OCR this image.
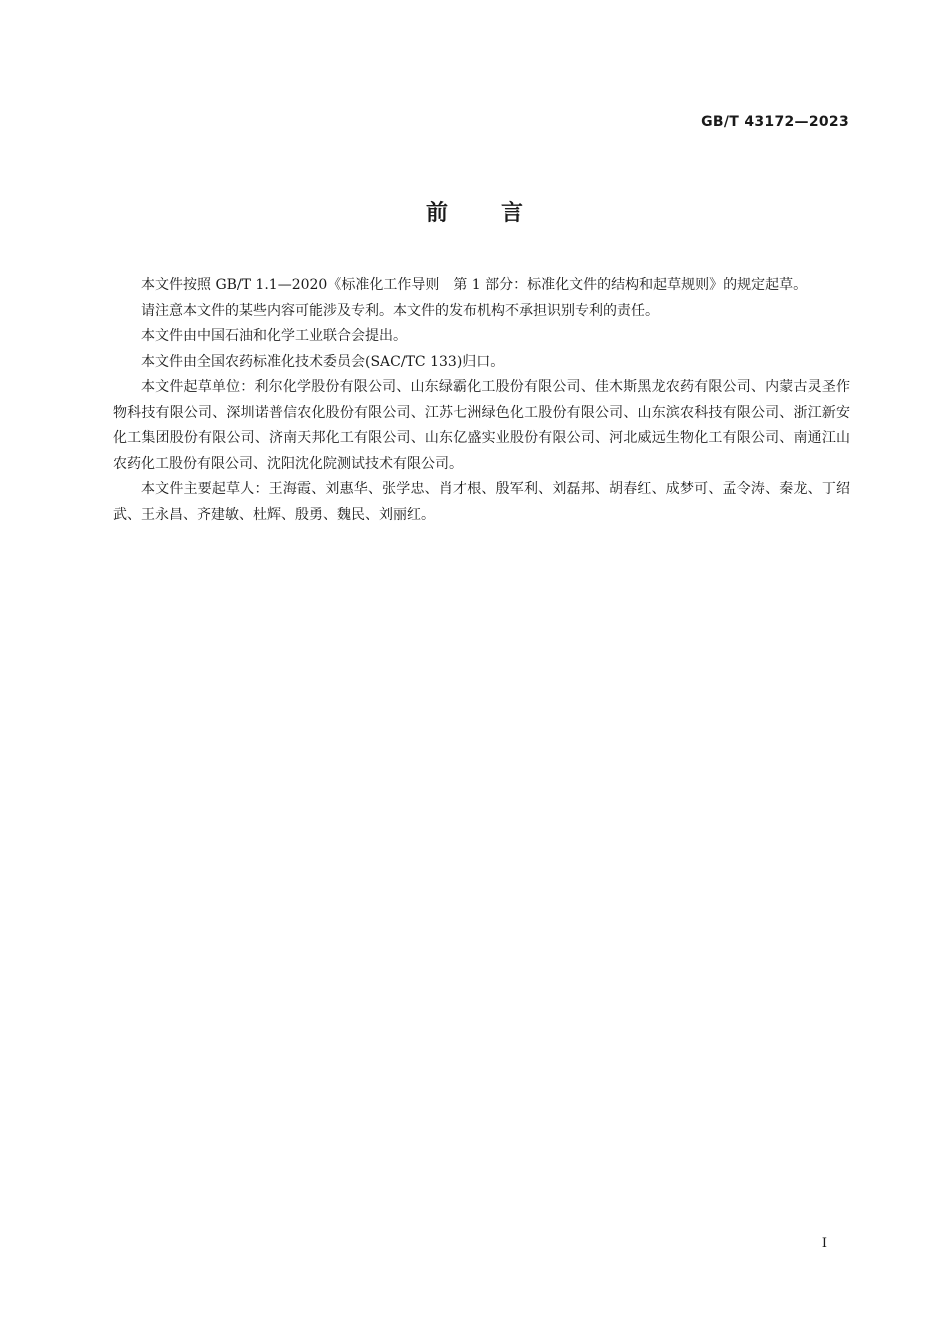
GB/T 43172—2023
前 言

本文件按照 GB/T 1.1—2020《标准化工作导则　第 1 部分：标准化文件的结构和起草规则》的规定起草。

请注意本文件的某些内容可能涉及专利。本文件的发布机构不承担识别专利的责任。

本文件由中国石油和化学工业联合会提出。

本文件由全国农药标准化技术委员会(SAC/TC 133)归口。

本文件起草单位：利尔化学股份有限公司、山东绿霸化工股份有限公司、佳木斯黑龙农药有限公司、内蒙古灵圣作物科技有限公司、深圳诺普信农化股份有限公司、江苏七洲绿色化工股份有限公司、山东滨农科技有限公司、浙江新安化工集团股份有限公司、济南天邦化工有限公司、山东亿盛实业股份有限公司、河北威远生物化工有限公司、南通江山农药化工股份有限公司、沈阳沈化院测试技术有限公司。

本文件主要起草人：王海霞、刘惠华、张学忠、肖才根、殷军利、刘磊邦、胡春红、成梦可、孟令涛、秦龙、丁绍武、王永昌、齐建敏、杜辉、殷勇、魏民、刘丽红。

I
